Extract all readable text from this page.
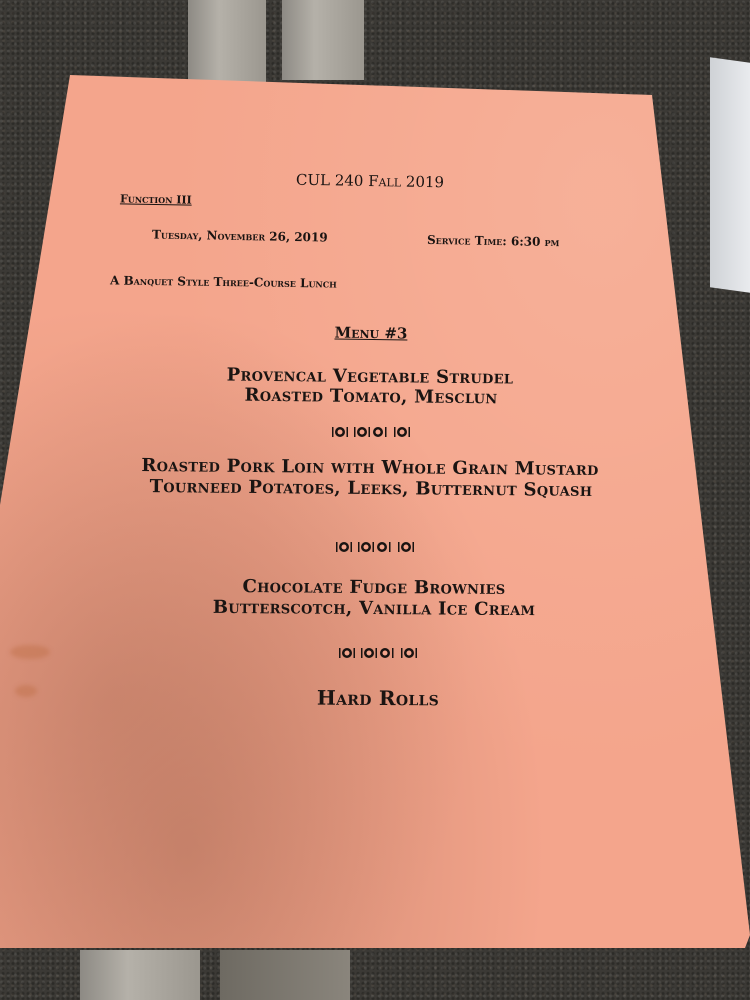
CUL 240 Fall 2019
Function III
Tuesday, November 26, 2019	Service Time: 6:30 pm
A Banquet Style Three-Course Lunch
Menu #3
Provencal Vegetable Strudel
Roasted Tomato, Mesclun
Roasted Pork Loin with Whole Grain Mustard
Tourneed Potatoes, Leeks, Butternut Squash
Chocolate Fudge Brownies
Butterscotch, Vanilla Ice Cream
Hard Rolls
